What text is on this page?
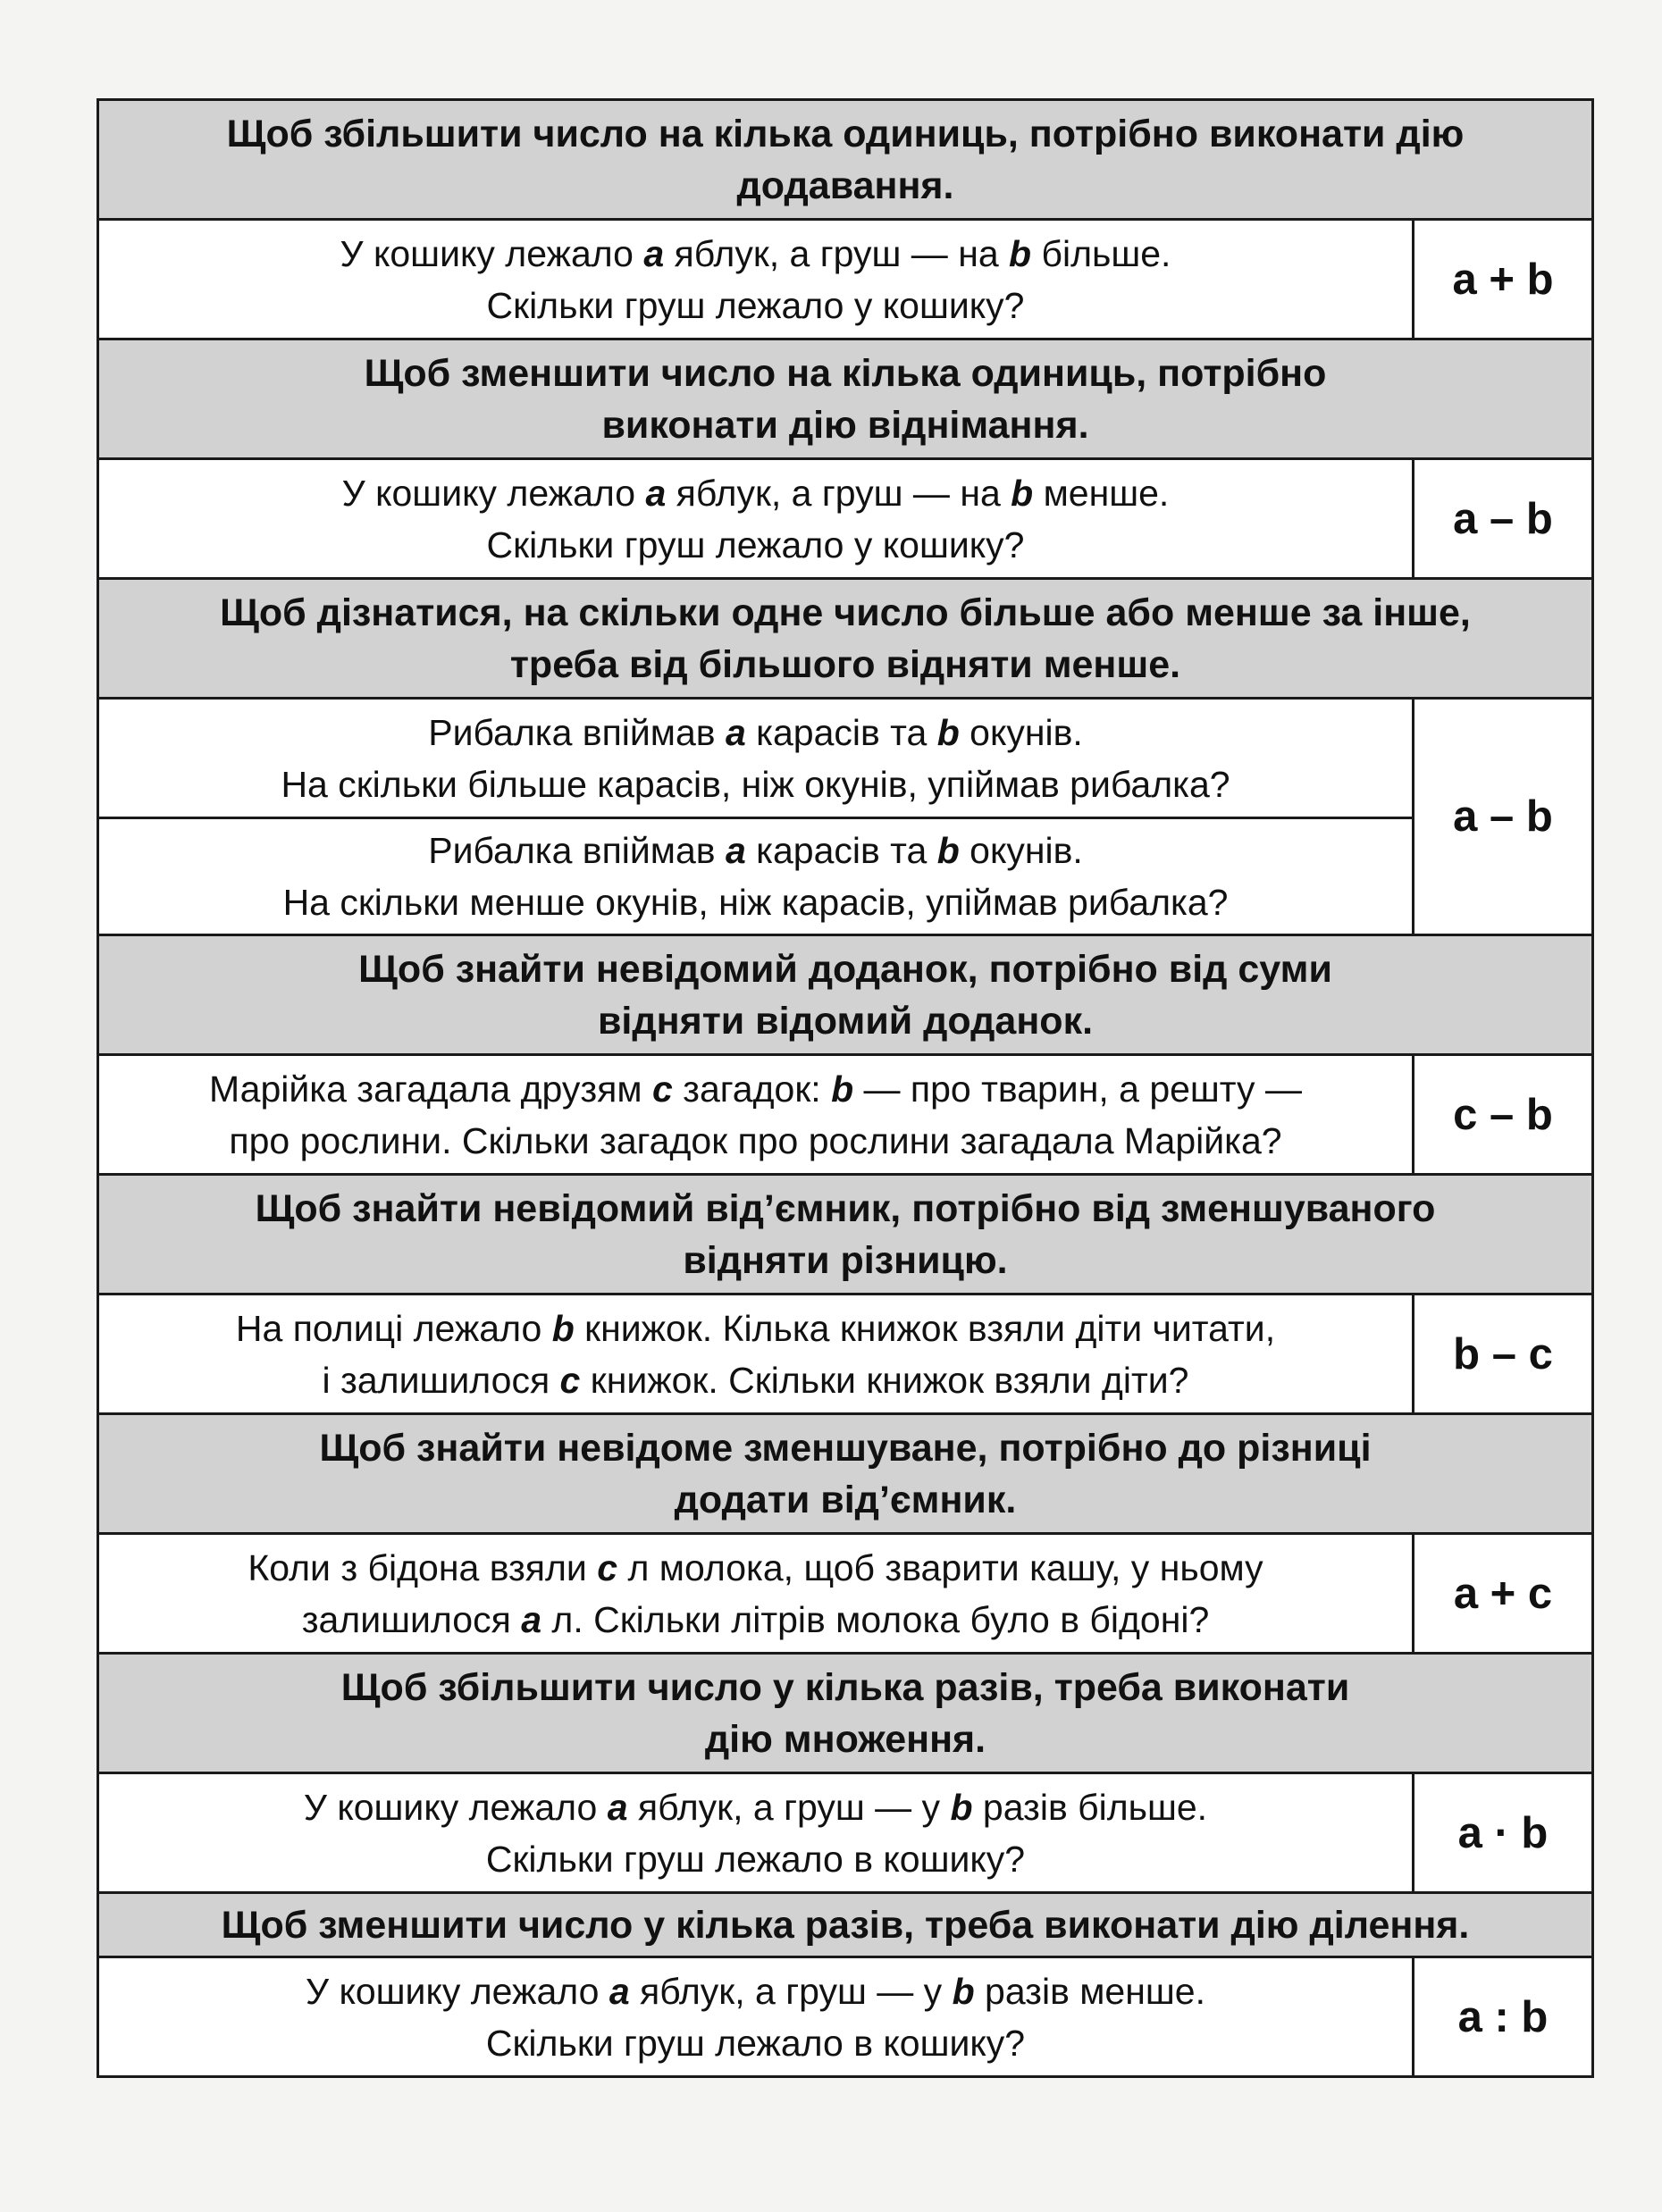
Щоб збільшити число на кілька одиниць, потрібно виконати дію
додавання.
У кошику лежало a яблук, а груш — на b більше.
Скільки груш лежало у кошику?
a + b
Щоб зменшити число на кілька одиниць, потрібно
виконати дію віднімання.
У кошику лежало a яблук, а груш — на b менше.
Скільки груш лежало у кошику?
a – b
Щоб дізнатися, на скільки одне число більше або менше за інше,
треба від більшого відняти менше.
Рибалка впіймав a карасів та b окунів.
На скільки більше карасів, ніж окунів, упіймав рибалка?
Рибалка впіймав a карасів та b окунів.
На скільки менше окунів, ніж карасів, упіймав рибалка?
a – b
Щоб знайти невідомий доданок, потрібно від суми
відняти відомий доданок.
Марійка загадала друзям c загадок: b — про тварин, а решту —
про рослини. Скільки загадок про рослини загадала Марійка?
c – b
Щоб знайти невідомий від’ємник, потрібно від зменшуваного
відняти різницю.
На полиці лежало b книжок. Кілька книжок взяли діти читати,
і залишилося c книжок. Скільки книжок взяли діти?
b – c
Щоб знайти невідоме зменшуване, потрібно до різниці
додати від’ємник.
Коли з бідона взяли c л молока, щоб зварити кашу, у ньому
залишилося a л. Скільки літрів молока було в бідоні?
a + c
Щоб збільшити число у кілька разів, треба виконати
дію множення.
У кошику лежало a яблук, а груш — у b разів більше.
Скільки груш лежало в кошику?
a · b
Щоб зменшити число у кілька разів, треба виконати дію ділення.
У кошику лежало a яблук, а груш — у b разів менше.
Скільки груш лежало в кошику?
a : b
